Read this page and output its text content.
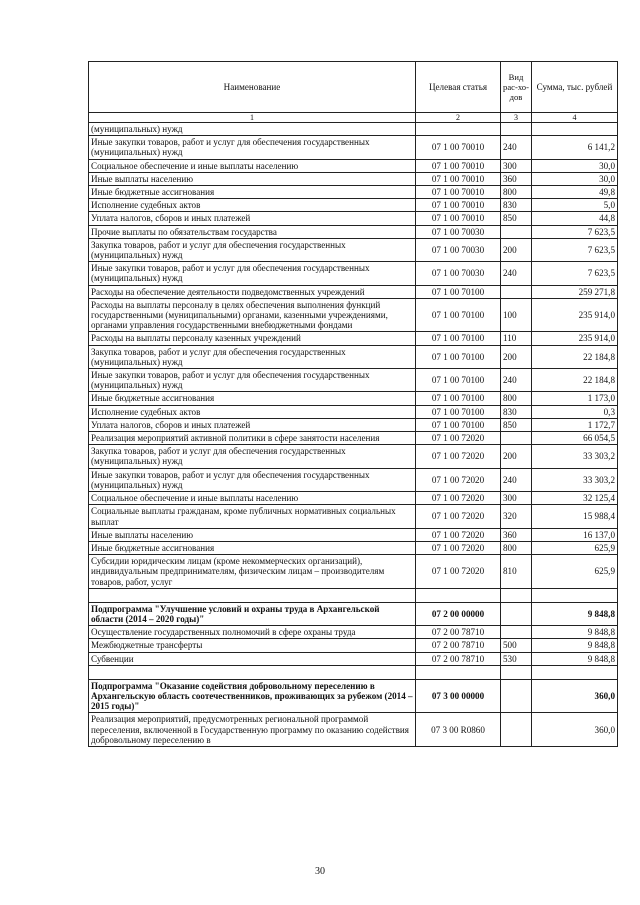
Наименование	Целевая статья	Вид рас-хо-дов	Сумма, тыс. рублей
1	2	3	4
(муниципальных) нужд			
Иные закупки товаров, работ и услуг для обеспечения государственных (муниципальных) нужд	07 1 00 70010	240	6 141,2
Социальное обеспечение и иные выплаты населению	07 1 00 70010	300	30,0
Иные выплаты населению	07 1 00 70010	360	30,0
Иные бюджетные ассигнования	07 1 00 70010	800	49,8
Исполнение судебных актов	07 1 00 70010	830	5,0
Уплата налогов, сборов и иных платежей	07 1 00 70010	850	44,8
Прочие выплаты по обязательствам государства	07 1 00 70030		7 623,5
Закупка товаров, работ и услуг для обеспечения государственных (муниципальных) нужд	07 1 00 70030	200	7 623,5
Иные закупки товаров, работ и услуг для обеспечения государственных (муниципальных) нужд	07 1 00 70030	240	7 623,5
Расходы на обеспечение деятельности подведомственных учреждений	07 1 00 70100		259 271,8
Расходы на выплаты персоналу в целях обеспечения выполнения функций государственными (муниципальными) органами, казенными учреждениями, органами управления государственными внебюджетными фондами	07 1 00 70100	100	235 914,0
Расходы на выплаты персоналу казенных учреждений	07 1 00 70100	110	235 914,0
Закупка товаров, работ и услуг для обеспечения государственных (муниципальных) нужд	07 1 00 70100	200	22 184,8
Иные закупки товаров, работ и услуг для обеспечения государственных (муниципальных) нужд	07 1 00 70100	240	22 184,8
Иные бюджетные ассигнования	07 1 00 70100	800	1 173,0
Исполнение судебных актов	07 1 00 70100	830	0,3
Уплата налогов, сборов и иных платежей	07 1 00 70100	850	1 172,7
Реализация мероприятий активной политики в сфере занятости населения	07 1 00 72020		66 054,5
Закупка товаров, работ и услуг для обеспечения государственных (муниципальных) нужд	07 1 00 72020	200	33 303,2
Иные закупки товаров, работ и услуг для обеспечения государственных (муниципальных) нужд	07 1 00 72020	240	33 303,2
Социальное обеспечение и иные выплаты населению	07 1 00 72020	300	32 125,4
Социальные выплаты гражданам, кроме публичных нормативных социальных выплат	07 1 00 72020	320	15 988,4
Иные выплаты населению	07 1 00 72020	360	16 137,0
Иные бюджетные ассигнования	07 1 00 72020	800	625,9
Субсидии юридическим лицам (кроме некоммерческих организаций), индивидуальным предпринимателям, физическим лицам – производителям товаров, работ, услуг	07 1 00 72020	810	625,9

Подпрограмма "Улучшение условий и охраны труда в Архангельской области (2014 – 2020 годы)"	07 2 00 00000		9 848,8
Осуществление государственных полномочий в сфере охраны труда	07 2 00 78710		9 848,8
Межбюджетные трансферты	07 2 00 78710	500	9 848,8
Субвенции	07 2 00 78710	530	9 848,8

Подпрограмма "Оказание содействия добровольному переселению в Архангельскую область соотечественников, проживающих за рубежом (2014 – 2015 годы)"	07 3 00 00000		360,0
Реализация мероприятий, предусмотренных региональной программой переселения, включенной в Государственную программу по оказанию содействия добровольному переселению в	07 3 00 R0860		360,0
30
